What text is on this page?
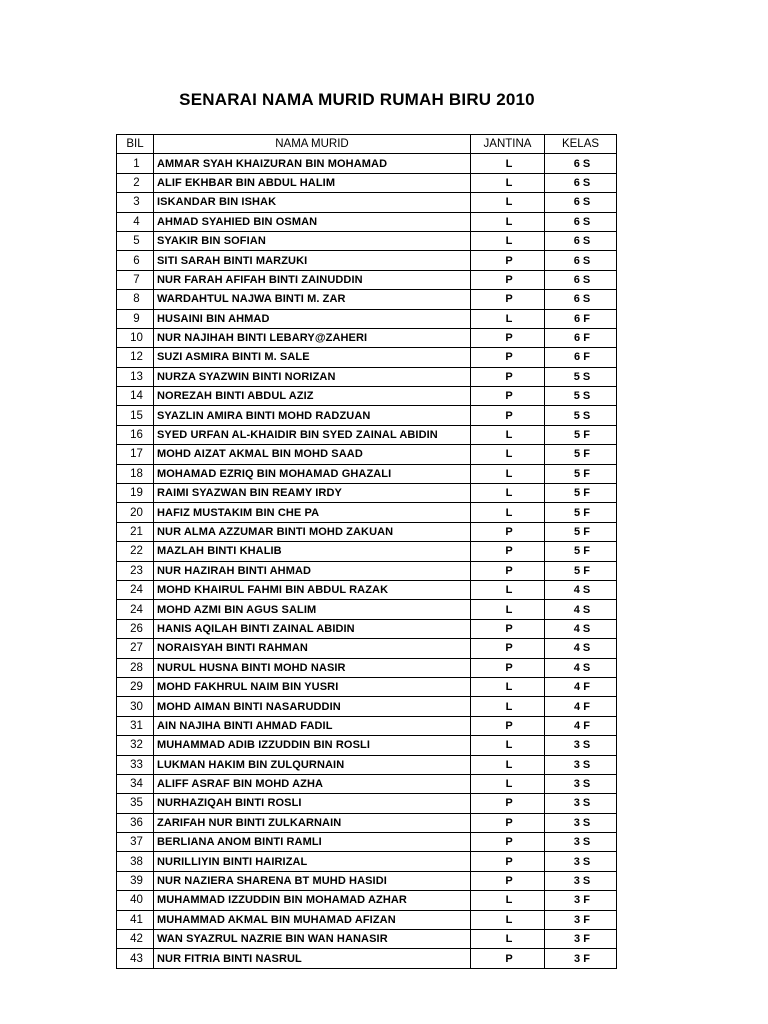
SENARAI NAMA MURID RUMAH BIRU 2010
BIL	NAMA MURID	JANTINA	KELAS
1	AMMAR SYAH KHAIZURAN BIN MOHAMAD	L	6 S
2	ALIF EKHBAR BIN ABDUL HALIM	L	6 S
3	ISKANDAR BIN ISHAK	L	6 S
4	AHMAD SYAHIED BIN OSMAN	L	6 S
5	SYAKIR BIN SOFIAN	L	6 S
6	SITI SARAH BINTI MARZUKI	P	6 S
7	NUR FARAH AFIFAH BINTI ZAINUDDIN	P	6 S
8	WARDAHTUL NAJWA BINTI M. ZAR	P	6 S
9	HUSAINI BIN AHMAD	L	6 F
10	NUR NAJIHAH BINTI LEBARY@ZAHERI	P	6 F
12	SUZI ASMIRA BINTI M. SALE	P	6 F
13	NURZA SYAZWIN BINTI NORIZAN	P	5 S
14	NOREZAH BINTI ABDUL AZIZ	P	5 S
15	SYAZLIN AMIRA BINTI MOHD RADZUAN	P	5 S
16	SYED URFAN AL-KHAIDIR BIN SYED ZAINAL ABIDIN	L	5 F
17	MOHD AIZAT AKMAL BIN MOHD SAAD	L	5 F
18	MOHAMAD EZRIQ BIN MOHAMAD GHAZALI	L	5 F
19	RAIMI SYAZWAN BIN REAMY IRDY	L	5 F
20	HAFIZ MUSTAKIM BIN CHE PA	L	5 F
21	NUR ALMA AZZUMAR BINTI MOHD ZAKUAN	P	5 F
22	MAZLAH BINTI KHALIB	P	5 F
23	NUR HAZIRAH BINTI AHMAD	P	5 F
24	MOHD KHAIRUL FAHMI BIN ABDUL RAZAK	L	4 S
24	MOHD AZMI BIN AGUS SALIM	L	4 S
26	HANIS AQILAH BINTI ZAINAL ABIDIN	P	4 S
27	NORAISYAH BINTI RAHMAN	P	4 S
28	NURUL HUSNA BINTI MOHD NASIR	P	4 S
29	MOHD FAKHRUL NAIM BIN YUSRI	L	4 F
30	MOHD AIMAN BINTI NASARUDDIN	L	4 F
31	AIN NAJIHA BINTI AHMAD FADIL	P	4 F
32	MUHAMMAD ADIB IZZUDDIN BIN ROSLI	L	3 S
33	LUKMAN HAKIM BIN ZULQURNAIN	L	3 S
34	ALIFF ASRAF BIN MOHD AZHA	L	3 S
35	NURHAZIQAH BINTI ROSLI	P	3 S
36	ZARIFAH NUR BINTI ZULKARNAIN	P	3 S
37	BERLIANA ANOM BINTI RAMLI	P	3 S
38	NURILLIYIN BINTI HAIRIZAL	P	3 S
39	NUR NAZIERA SHARENA BT MUHD HASIDI	P	3 S
40	MUHAMMAD IZZUDDIN BIN MOHAMAD AZHAR	L	3 F
41	MUHAMMAD AKMAL BIN MUHAMAD AFIZAN	L	3 F
42	WAN SYAZRUL NAZRIE BIN WAN HANASIR	L	3 F
43	NUR FITRIA BINTI NASRUL	P	3 F
